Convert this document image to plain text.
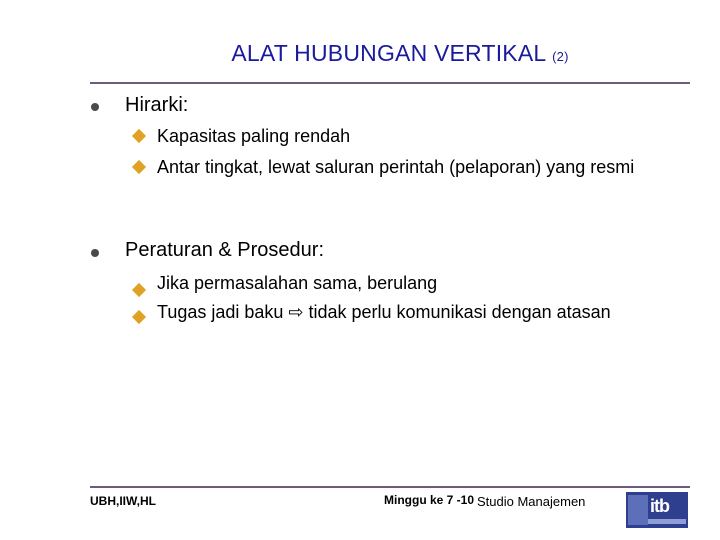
ALAT HUBUNGAN VERTIKAL (2)
Hirarki:
Kapasitas paling rendah
Antar tingkat, lewat saluran perintah (pelaporan) yang resmi
Peraturan & Prosedur:
Jika permasalahan sama, berulang
Tugas jadi baku ⇨ tidak perlu komunikasi dengan atasan
UBH,IIW,HL	Minggu ke 7 -10 Studio Manajemen	itb
